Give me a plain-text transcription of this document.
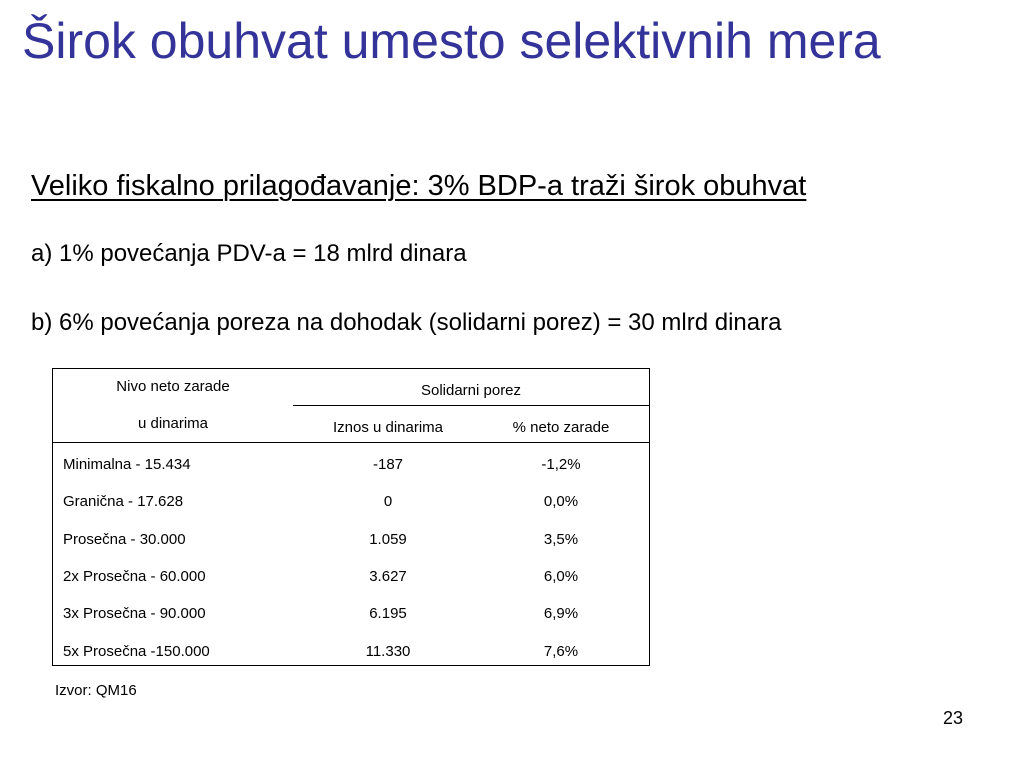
Širok obuhvat umesto selektivnih mera
Veliko fiskalno prilagođavanje: 3% BDP-a traži širok obuhvat
a) 1% povećanja PDV-a = 18 mlrd dinara
b) 6% povećanja poreza na dohodak (solidarni porez) = 30 mlrd dinara
Nivo neto zarade
u dinarima
Solidarni porez
Iznos u dinarima	% neto zarade
Minimalna - 15.434	-187	-1,2%
Granična - 17.628	0	0,0%
Prosečna - 30.000	1.059	3,5%
2x Prosečna - 60.000	3.627	6,0%
3x Prosečna - 90.000	6.195	6,9%
5x Prosečna -150.000	11.330	7,6%
Izvor: QM16
23
